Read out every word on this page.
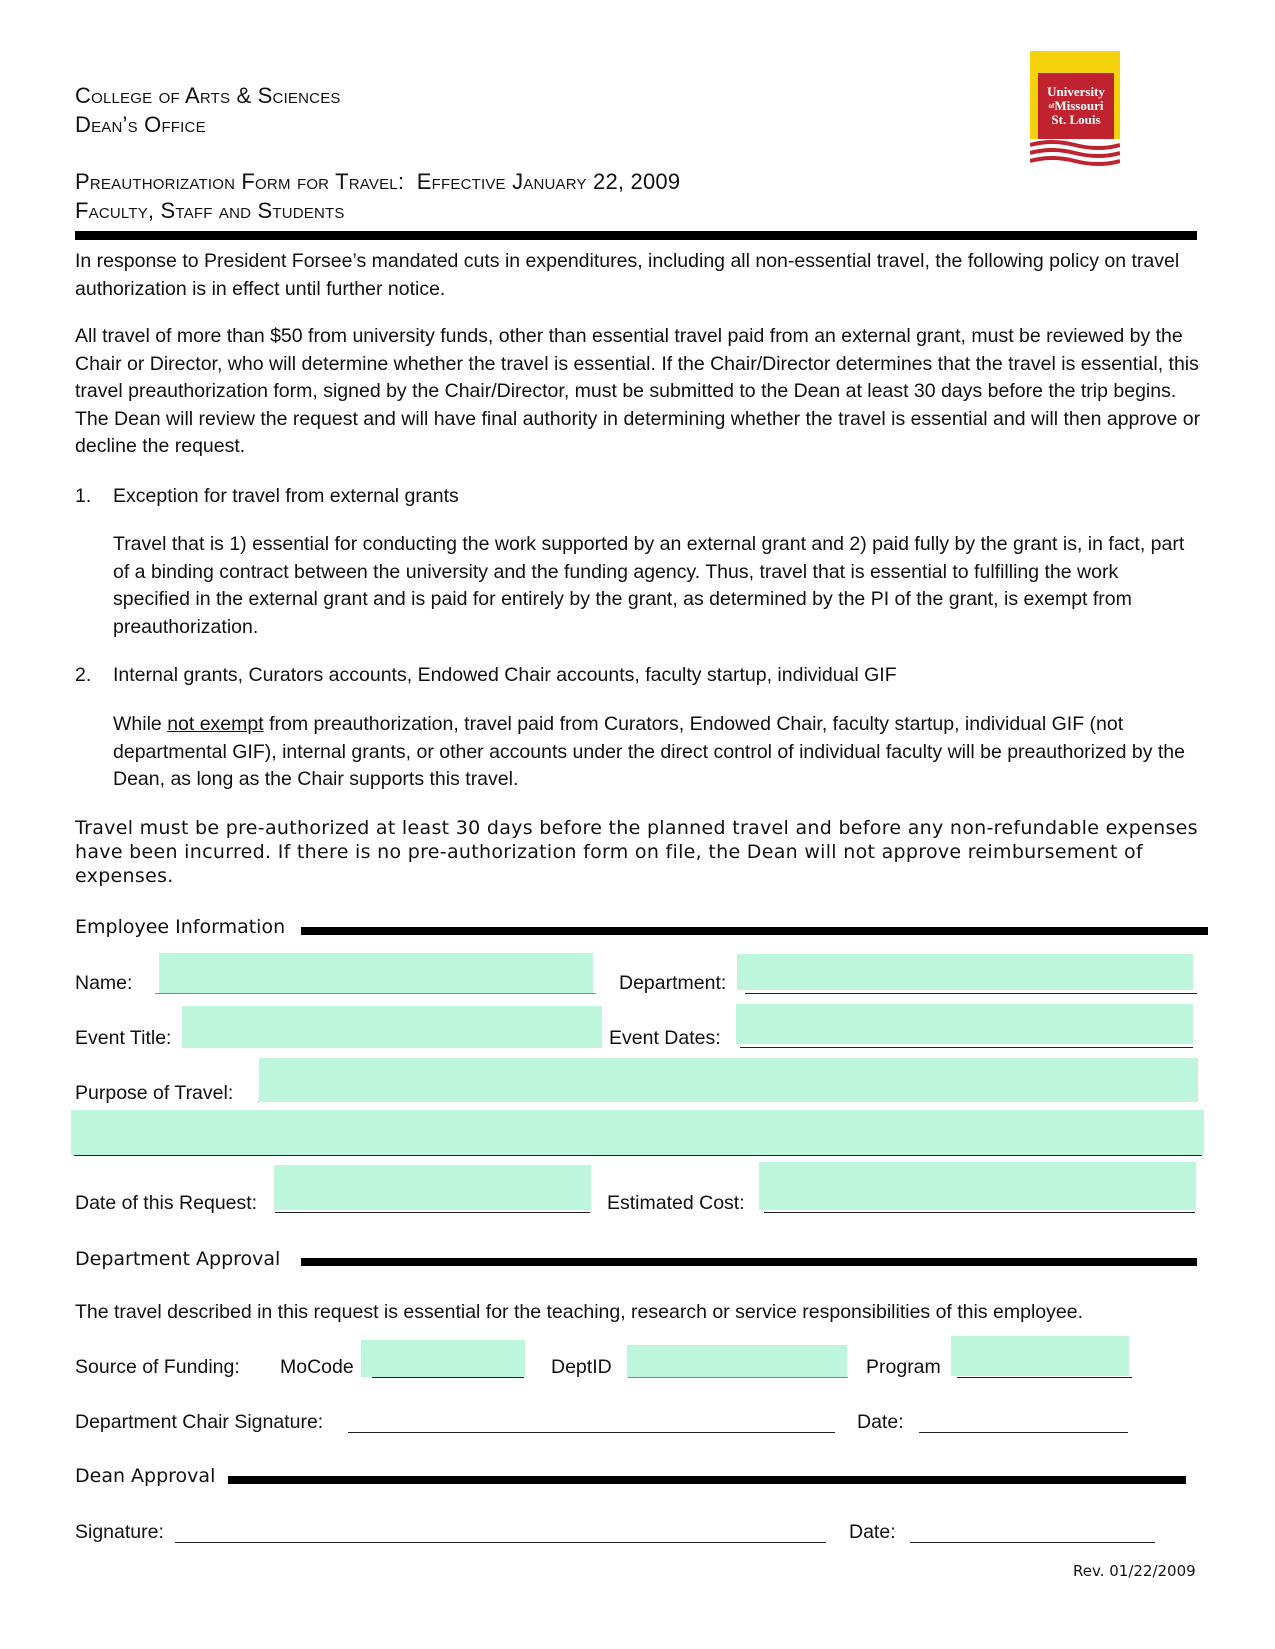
College of Arts & Sciences
Dean’s Office
Preauthorization Form for Travel:  Effective January 22, 2009
Faculty, Staff and Students
University
$^{of}$Missouri
St. Louis
In response to President Forsee’s mandated cuts in expenditures, including all non-essential travel, the following policy on travel authorization is in effect until further notice.
All travel of more than $50 from university funds, other than essential travel paid from an external grant, must be reviewed by the Chair or Director, who will determine whether the travel is essential. If the Chair/Director determines that the travel is essential, this travel preauthorization form, signed by the Chair/Director, must be submitted to the Dean at least 30 days before the trip begins. The Dean will review the request and will have final authority in determining whether the travel is essential and will then approve or decline the request.
1. Exception for travel from external grants
Travel that is 1) essential for conducting the work supported by an external grant and 2) paid fully by the grant is, in fact, part of a binding contract between the university and the funding agency. Thus, travel that is essential to fulfilling the work specified in the external grant and is paid for entirely by the grant, as determined by the PI of the grant, is exempt from preauthorization.
2. Internal grants, Curators accounts, Endowed Chair accounts, faculty startup, individual GIF
While not exempt from preauthorization, travel paid from Curators, Endowed Chair, faculty startup, individual GIF (not departmental GIF), internal grants, or other accounts under the direct control of individual faculty will be preauthorized by the Dean, as long as the Chair supports this travel.
Travel must be pre-authorized at least 30 days before the planned travel and before any non-refundable expenses have been incurred. If there is no pre-authorization form on file, the Dean will not approve reimbursement of expenses.
Employee Information
Name:	Department:
Event Title:	Event Dates:
Purpose of Travel:
Date of this Request:	Estimated Cost:
Department Approval
The travel described in this request is essential for the teaching, research or service responsibilities of this employee.
Source of Funding: MoCode	DeptID	Program
Department Chair Signature:	Date:
Dean Approval
Signature:	Date:
Rev. 01/22/2009
